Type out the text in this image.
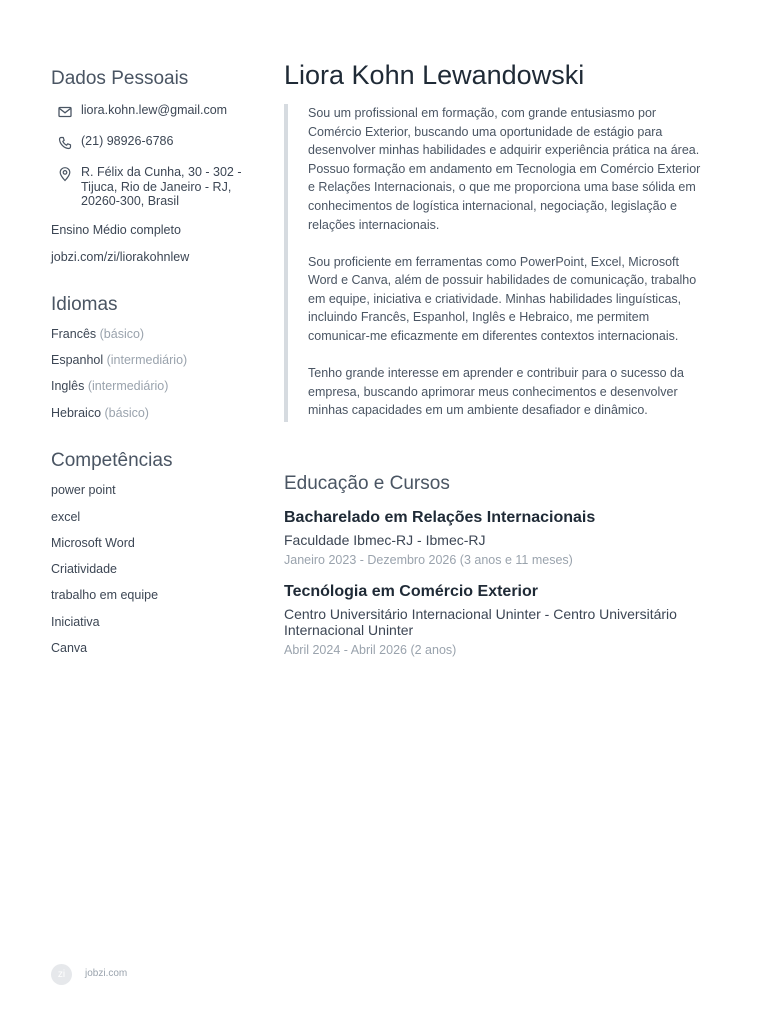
Dados Pessoais
liora.kohn.lew@gmail.com
(21) 98926-6786
R. Félix da Cunha, 30 - 302 - Tijuca, Rio de Janeiro - RJ, 20260-300, Brasil
Ensino Médio completo
jobzi.com/zi/liorakohnlew
Idiomas
Francês (básico)
Espanhol (intermediário)
Inglês (intermediário)
Hebraico (básico)
Competências
power point
excel
Microsoft Word
Criatividade
trabalho em equipe
Iniciativa
Canva
Liora Kohn Lewandowski

Sou um profissional em formação, com grande entusiasmo por Comércio Exterior, buscando uma oportunidade de estágio para desenvolver minhas habilidades e adquirir experiência prática na área. Possuo formação em andamento em Tecnologia em Comércio Exterior e Relações Internacionais, o que me proporciona uma base sólida em conhecimentos de logística internacional, negociação, legislação e relações internacionais.

Sou proficiente em ferramentas como PowerPoint, Excel, Microsoft Word e Canva, além de possuir habilidades de comunicação, trabalho em equipe, iniciativa e criatividade. Minhas habilidades linguísticas, incluindo Francês, Espanhol, Inglês e Hebraico, me permitem comunicar-me eficazmente em diferentes contextos internacionais.

Tenho grande interesse em aprender e contribuir para o sucesso da empresa, buscando aprimorar meus conhecimentos e desenvolver minhas capacidades em um ambiente desafiador e dinâmico.

Educação e Cursos
Bacharelado em Relações Internacionais
Faculdade Ibmec-RJ - Ibmec-RJ
Janeiro 2023 - Dezembro 2026 (3 anos e 11 meses)
Tecnólogia em Comércio Exterior
Centro Universitário Internacional Uninter - Centro Universitário Internacional Uninter
Abril 2024 - Abril 2026 (2 anos)
zi	jobzi.com
